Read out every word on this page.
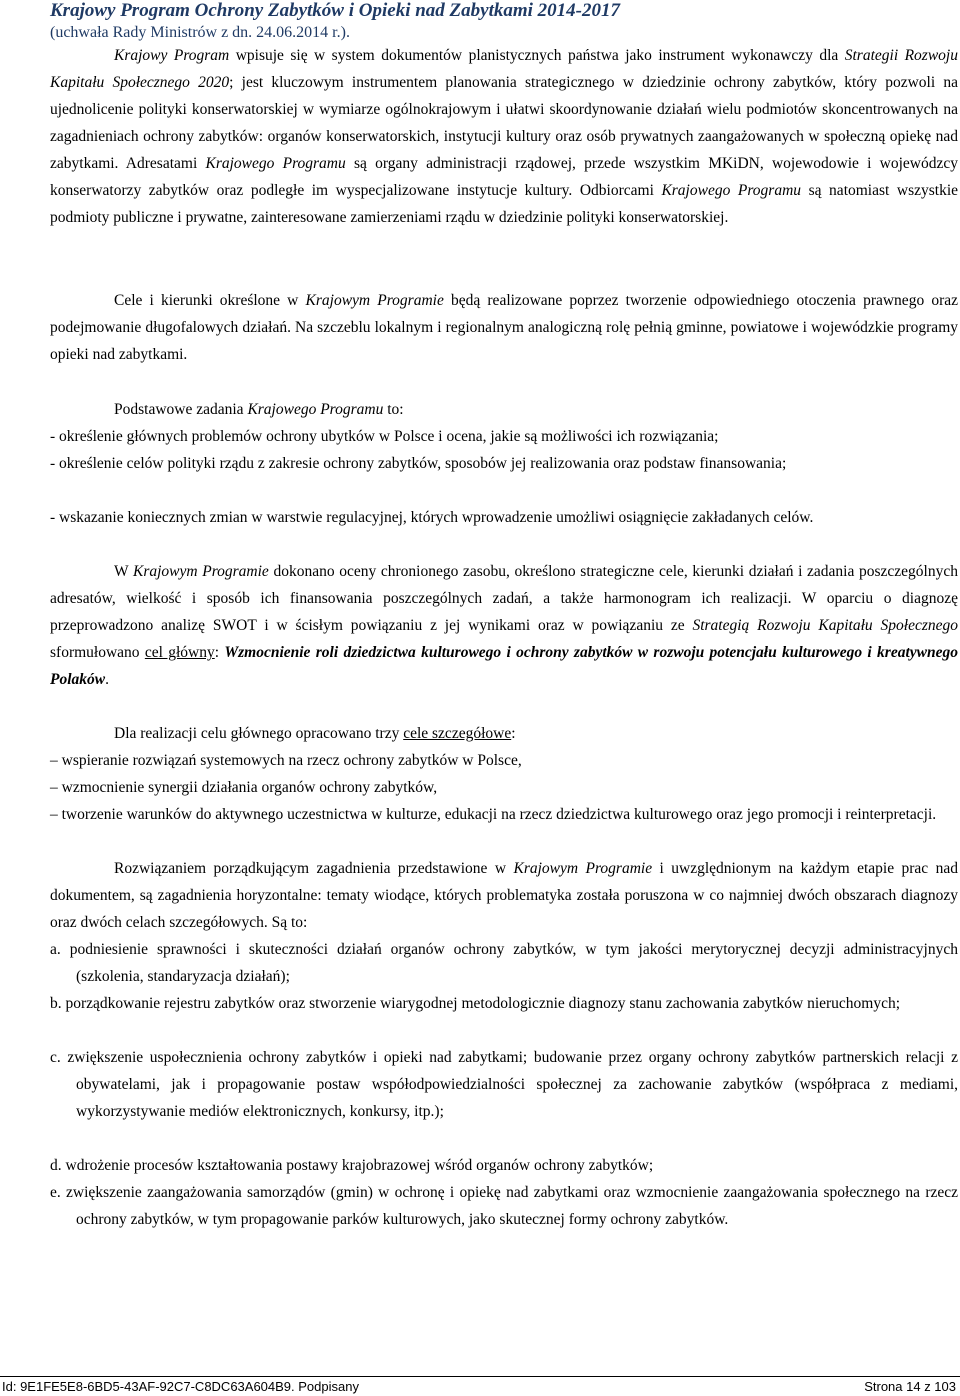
Krajowy Program Ochrony Zabytków i Opieki nad Zabytkami 2014-2017
(uchwała Rady Ministrów z dn. 24.06.2014 r.).

Krajowy Program wpisuje się w system dokumentów planistycznych państwa jako instrument wykonawczy dla Strategii Rozwoju Kapitału Społecznego 2020; jest kluczowym instrumentem planowania strategicznego w dziedzinie ochrony zabytków, który pozwoli na ujednolicenie polityki konserwatorskiej w wymiarze ogólnokrajowym i ułatwi skoordynowanie działań wielu podmiotów skoncentrowanych na zagadnieniach ochrony zabytków: organów konserwatorskich, instytucji kultury oraz osób prywatnych zaangażowanych w społeczną opiekę nad zabytkami. Adresatami Krajowego Programu są organy administracji rządowej, przede wszystkim MKiDN, wojewodowie i wojewódzcy konserwatorzy zabytków oraz podległe im wyspecjalizowane instytucje kultury. Odbiorcami Krajowego Programu są natomiast wszystkie podmioty publiczne i prywatne, zainteresowane zamierzeniami rządu w dziedzinie polityki konserwatorskiej.

Cele i kierunki określone w Krajowym Programie będą realizowane poprzez tworzenie odpowiedniego otoczenia prawnego oraz podejmowanie długofalowych działań. Na szczeblu lokalnym i regionalnym analogiczną rolę pełnią gminne, powiatowe i wojewódzkie programy opieki nad zabytkami.

Podstawowe zadania Krajowego Programu to:

- określenie głównych problemów ochrony ubytków w Polsce i ocena, jakie są możliwości ich rozwiązania;

- określenie celów polityki rządu z zakresie ochrony zabytków, sposobów jej realizowania oraz podstaw finansowania;

- wskazanie koniecznych zmian w warstwie regulacyjnej, których wprowadzenie umożliwi osiągnięcie zakładanych celów.

W Krajowym Programie dokonano oceny chronionego zasobu, określono strategiczne cele, kierunki działań i zadania poszczególnych adresatów, wielkość i sposób ich finansowania poszczególnych zadań, a także harmonogram ich realizacji. W oparciu o diagnozę przeprowadzono analizę SWOT i w ścisłym powiązaniu z jej wynikami oraz w powiązaniu ze Strategią Rozwoju Kapitału Społecznego sformułowano cel główny: Wzmocnienie roli dziedzictwa kulturowego i ochrony zabytków w rozwoju potencjału kulturowego i kreatywnego Polaków.

Dla realizacji celu głównego opracowano trzy cele szczegółowe:

– wspieranie rozwiązań systemowych na rzecz ochrony zabytków w Polsce,

– wzmocnienie synergii działania organów ochrony zabytków,

– tworzenie warunków do aktywnego uczestnictwa w kulturze, edukacji na rzecz dziedzictwa kulturowego oraz jego promocji i reinterpretacji.

Rozwiązaniem porządkującym zagadnienia przedstawione w Krajowym Programie i uwzględnionym na każdym etapie prac nad dokumentem, są zagadnienia horyzontalne: tematy wiodące, których problematyka została poruszona w co najmniej dwóch obszarach diagnozy oraz dwóch celach szczegółowych. Są to:

a. podniesienie sprawności i skuteczności działań organów ochrony zabytków, w tym jakości merytorycznej decyzji administracyjnych (szkolenia, standaryzacja działań);

b. porządkowanie rejestru zabytków oraz stworzenie wiarygodnej metodologicznie diagnozy stanu zachowania zabytków nieruchomych;

c. zwiększenie uspołecznienia ochrony zabytków i opieki nad zabytkami; budowanie przez organy ochrony zabytków partnerskich relacji z obywatelami, jak i propagowanie postaw współodpowiedzialności społecznej za zachowanie zabytków (współpraca z mediami, wykorzystywanie mediów elektronicznych, konkursy, itp.);

d. wdrożenie procesów kształtowania postawy krajobrazowej wśród organów ochrony zabytków;

e. zwiększenie zaangażowania samorządów (gmin) w ochronę i opiekę nad zabytkami oraz wzmocnienie zaangażowania społecznego na rzecz ochrony zabytków, w tym propagowanie parków kulturowych, jako skutecznej formy ochrony zabytków.

Id: 9E1FE5E8-6BD5-43AF-92C7-C8DC63A604B9. Podpisany	Strona 14 z 103
